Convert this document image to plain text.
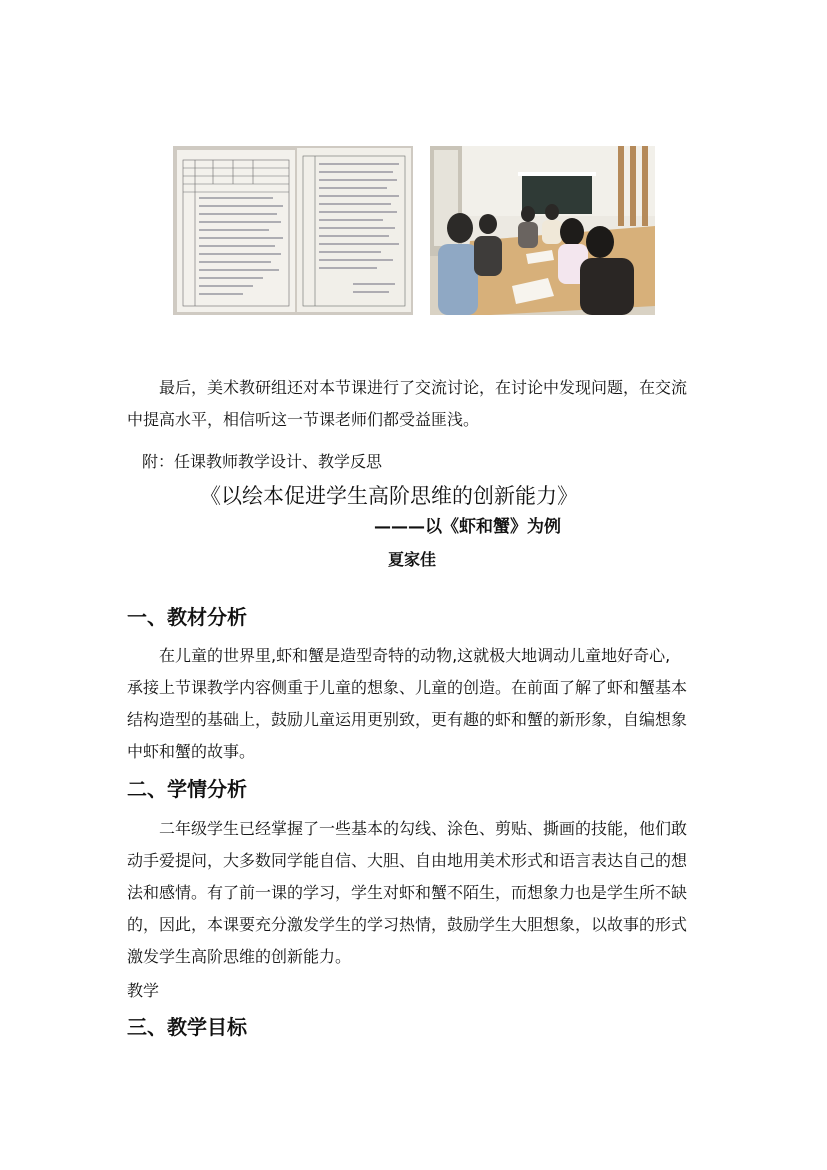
　　最后，美术教研组还对本节课进行了交流讨论，在讨论中发现问题，在交流
中提高水平，相信听这一节课老师们都受益匪浅。
附：任课教师教学设计、教学反思
《以绘本促进学生高阶思维的创新能力》
———以《虾和蟹》为例
夏家佳
一、教材分析
　　在儿童的世界里,虾和蟹是造型奇特的动物,这就极大地调动儿童地好奇心,
承接上节课教学内容侧重于儿童的想象、儿童的创造。在前面了解了虾和蟹基本
结构造型的基础上，鼓励儿童运用更别致，更有趣的虾和蟹的新形象，自编想象
中虾和蟹的故事。
二、学情分析
　　二年级学生已经掌握了一些基本的勾线、涂色、剪贴、撕画的技能，他们敢
动手爱提问，大多数同学能自信、大胆、自由地用美术形式和语言表达自己的想
法和感情。有了前一课的学习，学生对虾和蟹不陌生，而想象力也是学生所不缺
的，因此，本课要充分激发学生的学习热情，鼓励学生大胆想象，以故事的形式
激发学生高阶思维的创新能力。
教学
三、教学目标
